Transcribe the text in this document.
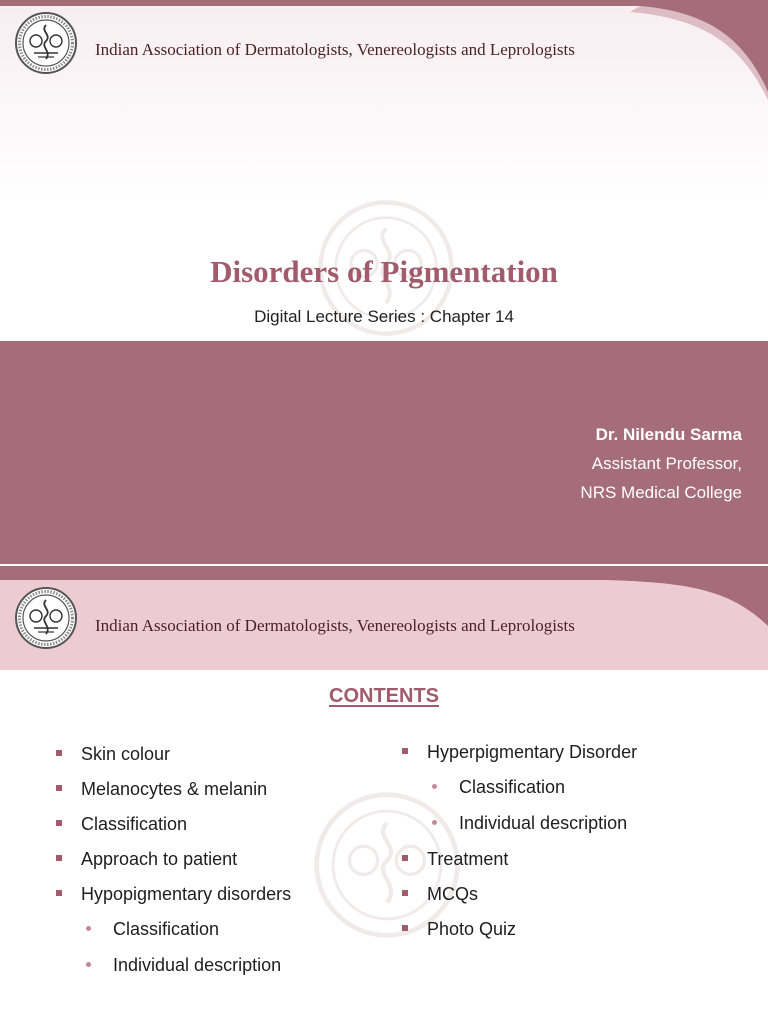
Indian Association of Dermatologists, Venereologists and Leprologists
Disorders of Pigmentation
Digital Lecture Series : Chapter 14
Dr. Nilendu Sarma
Assistant Professor,
NRS Medical College
Indian Association of Dermatologists, Venereologists and Leprologists
CONTENTS
Skin colour
Melanocytes & melanin
Classification
Approach to patient
Hypopigmentary disorders
Classification
Individual description
Hyperpigmentary Disorder
Classification
Individual description
Treatment
MCQs
Photo Quiz
